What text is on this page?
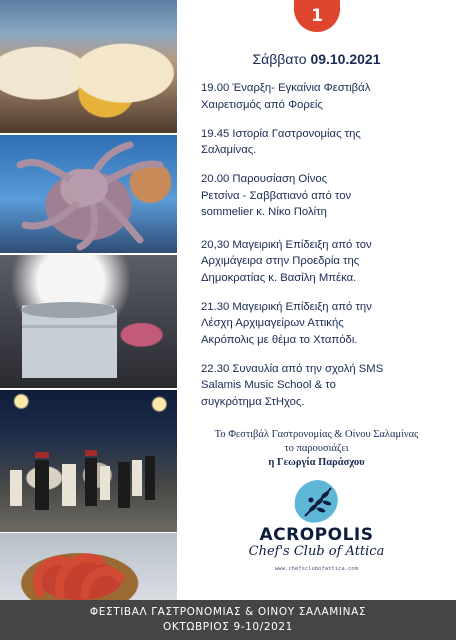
1
Σάββατο 09.10.2021
19.00 Έναρξη- Εγκαίνια Φεστιβάλ
Χαιρετισμός από Φορείς
19.45 Ιστορία Γαστρονομίας της
Σαλαμίνας.
20.00 Παρουσίαση Οίνος
Ρετσίνα - Σαββατιανό από τον
sommelier κ. Νίκο Πολίτη
20,30 Μαγειρική Επίδειξη από τον
Αρχιμάγειρα στην Προεδρία της
Δημοκρατίας κ. Βασίλη Μπέκα.
21.30 Μαγειρική Επίδειξη από την
Λέσχη Αρχιμαγείρων Αττικής
Ακρόπολις με θέμα το Χταπόδι.
22.30 Συναυλία από την σχολή SMS
Salamis Music School & το
συγκρότημα ΣτΗχος.
Το Φεστιβάλ Γαστρονομίας & Οίνου Σαλαμίνας
το παρουσιάζει
η Γεωργία Παράσχου
ACROPOLIS
Chef's Club of Attica
www.chefsclubofattica.com
ΦΕΣΤΙΒΑΛ ΓΑΣΤΡΟΝΟΜΙΑΣ & ΟΙΝΟΥ ΣΑΛΑΜΙΝΑΣ
ΟΚΤΩΒΡΙΟΣ 9-10/2021
